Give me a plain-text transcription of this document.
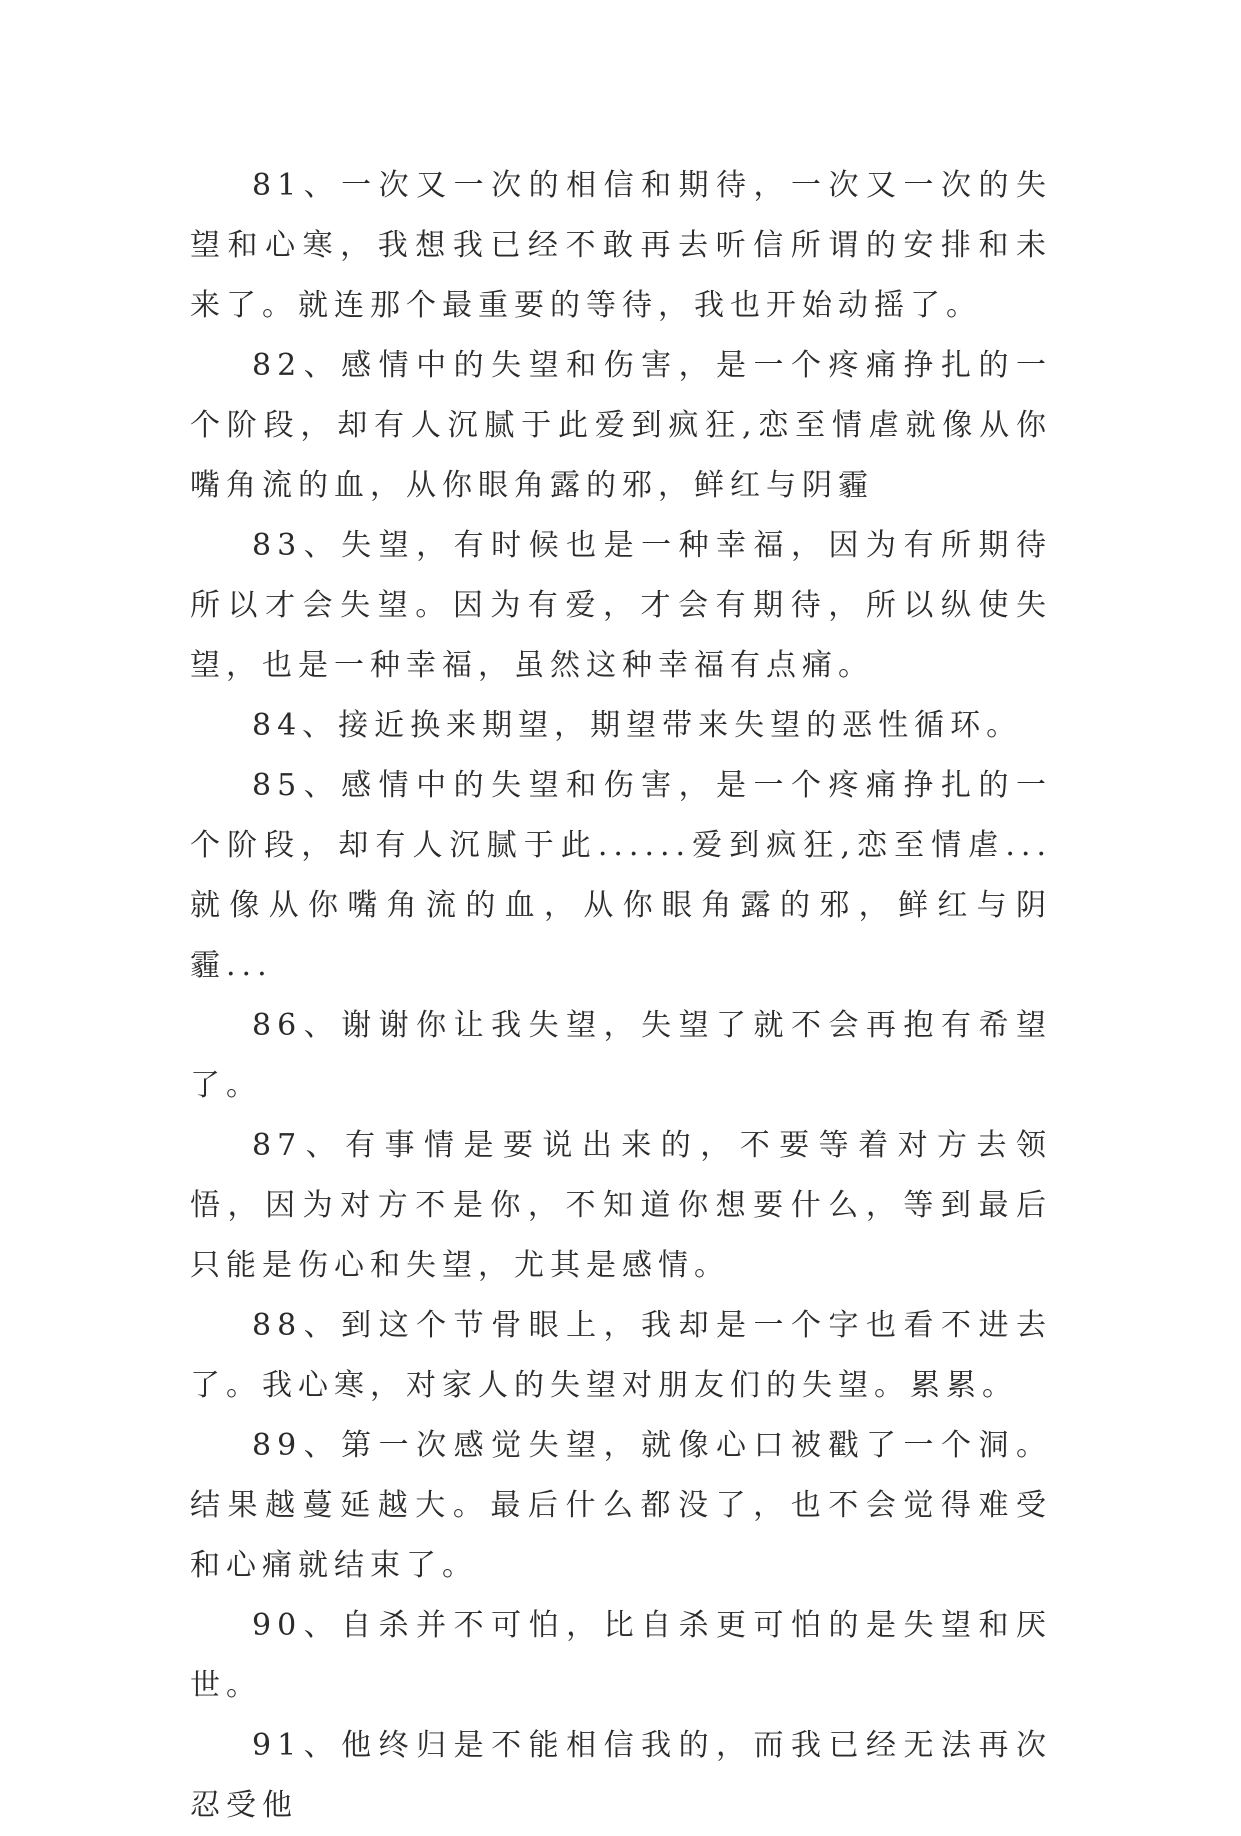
81、一次又一次的相信和期待，一次又一次的失望和心寒，我想我已经不敢再去听信所谓的安排和未来了。就连那个最重要的等待，我也开始动摇了。

82、感情中的失望和伤害，是一个疼痛挣扎的一个阶段，却有人沉腻于此爱到疯狂,恋至情虐就像从你嘴角流的血，从你眼角露的邪，鲜红与阴霾

83、失望，有时候也是一种幸福，因为有所期待所以才会失望。因为有爱，才会有期待，所以纵使失望，也是一种幸福，虽然这种幸福有点痛。

84、接近换来期望，期望带来失望的恶性循环。

85、感情中的失望和伤害，是一个疼痛挣扎的一个阶段，却有人沉腻于此......爱到疯狂,恋至情虐...就像从你嘴角流的血，从你眼角露的邪，鲜红与阴霾...

86、谢谢你让我失望，失望了就不会再抱有希望了。

87、有事情是要说出来的，不要等着对方去领悟，因为对方不是你，不知道你想要什么，等到最后只能是伤心和失望，尤其是感情。

88、到这个节骨眼上，我却是一个字也看不进去了。我心寒，对家人的失望对朋友们的失望。累累。

89、第一次感觉失望，就像心口被戳了一个洞。结果越蔓延越大。最后什么都没了，也不会觉得难受和心痛就结束了。

90、自杀并不可怕，比自杀更可怕的是失望和厌世。

91、他终归是不能相信我的，而我已经无法再次忍受他
